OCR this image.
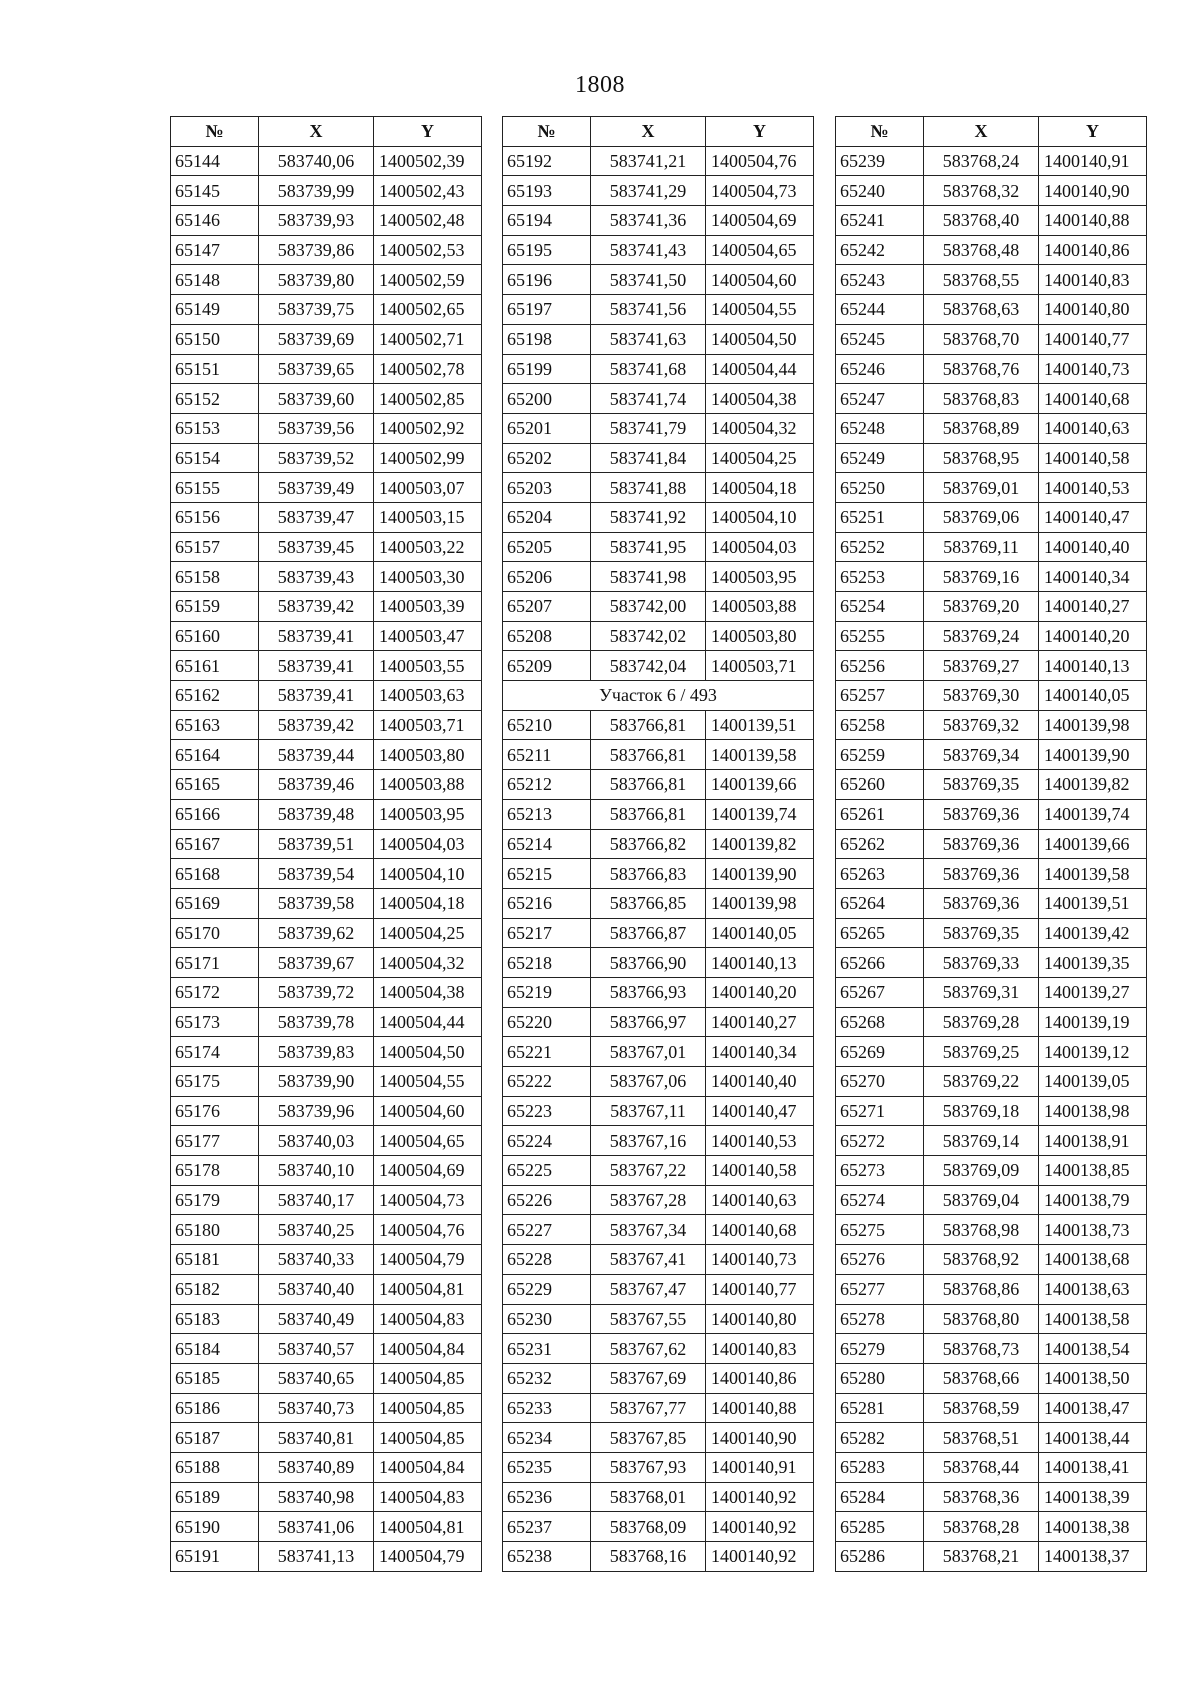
1808
№	X	Y
65144	583740,06	1400502,39
65145	583739,99	1400502,43
65146	583739,93	1400502,48
65147	583739,86	1400502,53
65148	583739,80	1400502,59
65149	583739,75	1400502,65
65150	583739,69	1400502,71
65151	583739,65	1400502,78
65152	583739,60	1400502,85
65153	583739,56	1400502,92
65154	583739,52	1400502,99
65155	583739,49	1400503,07
65156	583739,47	1400503,15
65157	583739,45	1400503,22
65158	583739,43	1400503,30
65159	583739,42	1400503,39
65160	583739,41	1400503,47
65161	583739,41	1400503,55
65162	583739,41	1400503,63
65163	583739,42	1400503,71
65164	583739,44	1400503,80
65165	583739,46	1400503,88
65166	583739,48	1400503,95
65167	583739,51	1400504,03
65168	583739,54	1400504,10
65169	583739,58	1400504,18
65170	583739,62	1400504,25
65171	583739,67	1400504,32
65172	583739,72	1400504,38
65173	583739,78	1400504,44
65174	583739,83	1400504,50
65175	583739,90	1400504,55
65176	583739,96	1400504,60
65177	583740,03	1400504,65
65178	583740,10	1400504,69
65179	583740,17	1400504,73
65180	583740,25	1400504,76
65181	583740,33	1400504,79
65182	583740,40	1400504,81
65183	583740,49	1400504,83
65184	583740,57	1400504,84
65185	583740,65	1400504,85
65186	583740,73	1400504,85
65187	583740,81	1400504,85
65188	583740,89	1400504,84
65189	583740,98	1400504,83
65190	583741,06	1400504,81
65191	583741,13	1400504,79
№	X	Y
65192	583741,21	1400504,76
65193	583741,29	1400504,73
65194	583741,36	1400504,69
65195	583741,43	1400504,65
65196	583741,50	1400504,60
65197	583741,56	1400504,55
65198	583741,63	1400504,50
65199	583741,68	1400504,44
65200	583741,74	1400504,38
65201	583741,79	1400504,32
65202	583741,84	1400504,25
65203	583741,88	1400504,18
65204	583741,92	1400504,10
65205	583741,95	1400504,03
65206	583741,98	1400503,95
65207	583742,00	1400503,88
65208	583742,02	1400503,80
65209	583742,04	1400503,71
Участок 6 / 493		
65210	583766,81	1400139,51
65211	583766,81	1400139,58
65212	583766,81	1400139,66
65213	583766,81	1400139,74
65214	583766,82	1400139,82
65215	583766,83	1400139,90
65216	583766,85	1400139,98
65217	583766,87	1400140,05
65218	583766,90	1400140,13
65219	583766,93	1400140,20
65220	583766,97	1400140,27
65221	583767,01	1400140,34
65222	583767,06	1400140,40
65223	583767,11	1400140,47
65224	583767,16	1400140,53
65225	583767,22	1400140,58
65226	583767,28	1400140,63
65227	583767,34	1400140,68
65228	583767,41	1400140,73
65229	583767,47	1400140,77
65230	583767,55	1400140,80
65231	583767,62	1400140,83
65232	583767,69	1400140,86
65233	583767,77	1400140,88
65234	583767,85	1400140,90
65235	583767,93	1400140,91
65236	583768,01	1400140,92
65237	583768,09	1400140,92
65238	583768,16	1400140,92
№	X	Y
65239	583768,24	1400140,91
65240	583768,32	1400140,90
65241	583768,40	1400140,88
65242	583768,48	1400140,86
65243	583768,55	1400140,83
65244	583768,63	1400140,80
65245	583768,70	1400140,77
65246	583768,76	1400140,73
65247	583768,83	1400140,68
65248	583768,89	1400140,63
65249	583768,95	1400140,58
65250	583769,01	1400140,53
65251	583769,06	1400140,47
65252	583769,11	1400140,40
65253	583769,16	1400140,34
65254	583769,20	1400140,27
65255	583769,24	1400140,20
65256	583769,27	1400140,13
65257	583769,30	1400140,05
65258	583769,32	1400139,98
65259	583769,34	1400139,90
65260	583769,35	1400139,82
65261	583769,36	1400139,74
65262	583769,36	1400139,66
65263	583769,36	1400139,58
65264	583769,36	1400139,51
65265	583769,35	1400139,42
65266	583769,33	1400139,35
65267	583769,31	1400139,27
65268	583769,28	1400139,19
65269	583769,25	1400139,12
65270	583769,22	1400139,05
65271	583769,18	1400138,98
65272	583769,14	1400138,91
65273	583769,09	1400138,85
65274	583769,04	1400138,79
65275	583768,98	1400138,73
65276	583768,92	1400138,68
65277	583768,86	1400138,63
65278	583768,80	1400138,58
65279	583768,73	1400138,54
65280	583768,66	1400138,50
65281	583768,59	1400138,47
65282	583768,51	1400138,44
65283	583768,44	1400138,41
65284	583768,36	1400138,39
65285	583768,28	1400138,38
65286	583768,21	1400138,37
